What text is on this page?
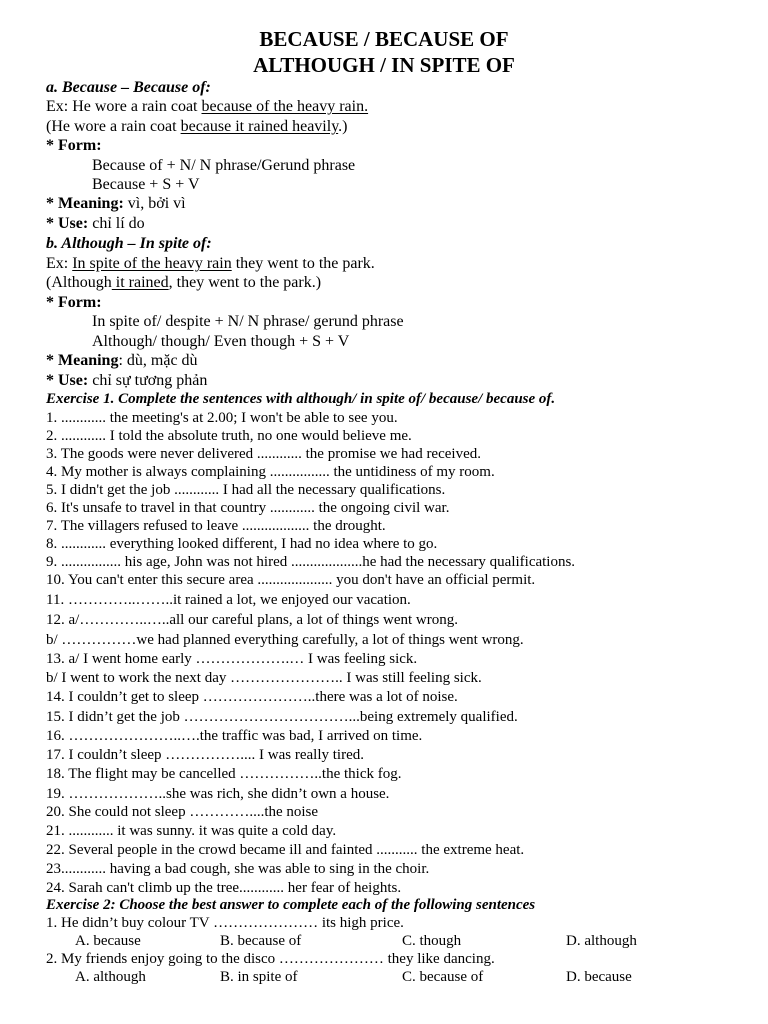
BECAUSE / BECAUSE OF
ALTHOUGH / IN SPITE OF
a. Because – Because of:
Ex: He wore a rain coat because of the heavy rain.
(He wore a rain coat because it rained heavily.)
* Form:
Because of + N/ N phrase/Gerund phrase
Because + S + V
* Meaning: vì, bởi vì
* Use: chỉ lí do
b. Although – In spite of:
Ex: In spite of the heavy rain they went to the park.
(Although it rained, they went to the park.)
* Form:
In spite of/ despite + N/ N phrase/ gerund phrase
Although/ though/ Even though + S + V
* Meaning: dù, mặc dù
* Use: chỉ sự tương phản
Exercise 1. Complete the sentences with although/ in spite of/ because/ because of.
1. ............ the meeting's at 2.00; I won't be able to see you.
2. ............ I told the absolute truth, no one would believe me.
3. The goods were never delivered ............ the promise we had received.
4. My mother is always complaining ................ the untidiness of my room.
5. I didn't get the job ............ I had all the necessary qualifications.
6. It's unsafe to travel in that country ............ the ongoing civil war.
7. The villagers refused to leave .................. the drought.
8. ............ everything looked different, I had no idea where to go.
9. ................ his age, John was not hired ...................he had the necessary qualifications.
10. You can't enter this secure area .................... you don't have an official permit.
11. …………..……..it rained a lot, we enjoyed our vacation.
12. a/…………..…..all our careful plans, a lot of things went wrong.
b/ ……………we had planned everything carefully, a lot of things went wrong.
13. a/ I went home early ……………….… I was feeling sick.
b/ I went to work the next day ………………….. I was still feeling sick.
14. I couldn’t get to sleep …………………..there was a lot of noise.
15. I didn’t get the job ……………………………...being extremely qualified.
16. …………………..….the traffic was bad, I arrived on time.
17. I couldn’t sleep …………….... I was really tired.
18. The flight may be cancelled ……………..the thick fog.
19. ………………..she was rich, she didn’t own a house.
20. She could not sleep …………....the noise
21. ............ it was sunny. it was quite a cold day.
22. Several people in the crowd became ill and fainted ........... the extreme heat.
23............ having a bad cough, she was able to sing in the choir.
24. Sarah can't climb up the tree............ her fear of heights.
Exercise 2: Choose the best answer to complete each of the following sentences
1. He didn’t buy colour TV ………………… its high price.
A. because	B. because of	C. though	D. although
2. My friends enjoy going to the disco ………………… they like dancing.
A. although	B. in spite of	C. because of	D. because
